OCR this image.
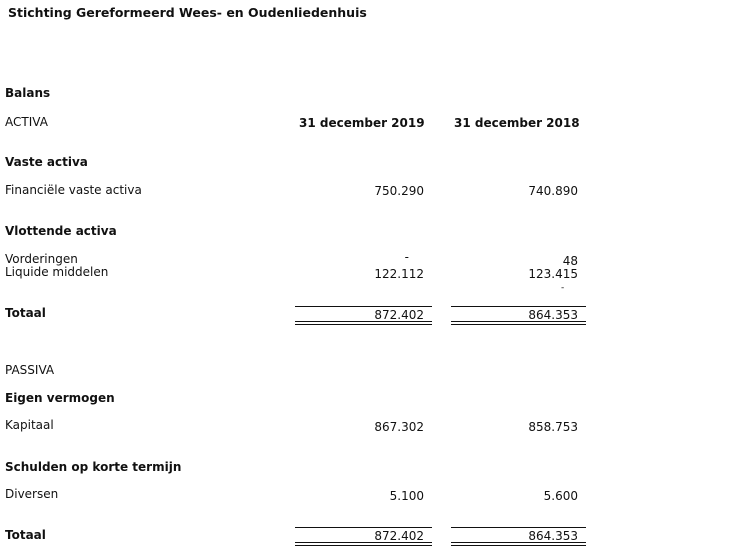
Stichting Gereformeerd Wees- en Oudenliedenhuis
Balans
ACTIVA	31 december 2019 31 december 2018
Vaste activa
Financiële vaste activa	750.290	740.890
Vlottende activa
Vorderingen	-	48
Liquide middelen	122.112	123.415
-
Totaal	872.402	864.353
PASSIVA
Eigen vermogen
Kapitaal	867.302	858.753
Schulden op korte termijn
Diversen	5.100	5.600
Totaal	872.402	864.353
